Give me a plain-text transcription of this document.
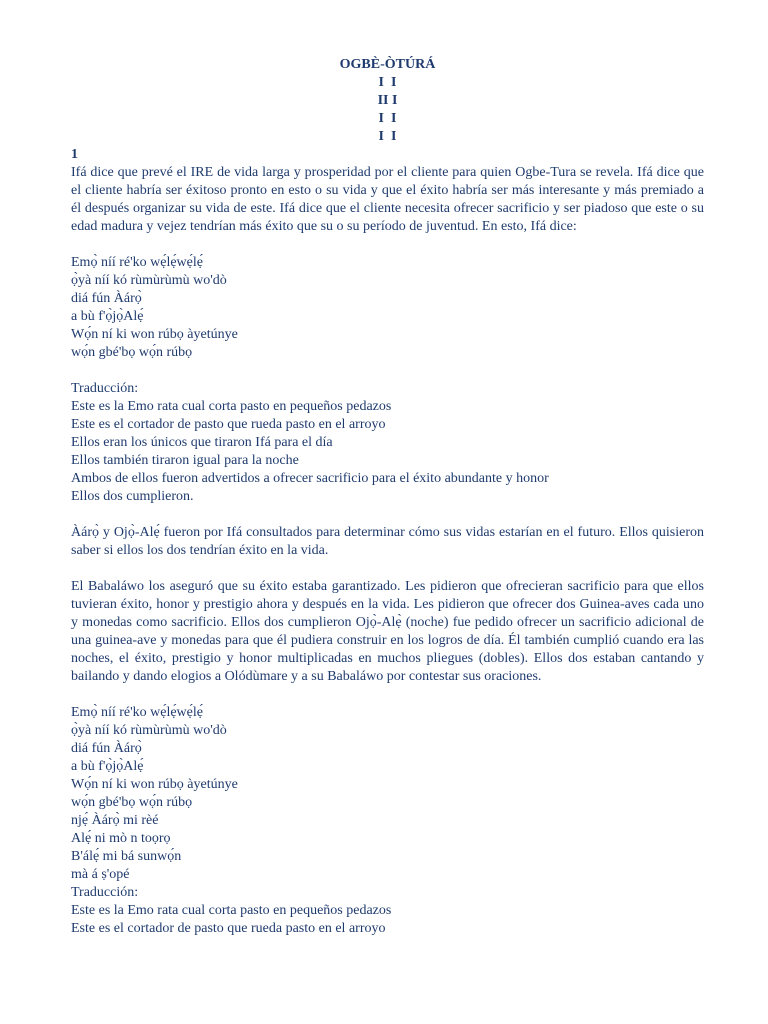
OGBÈ-ÒTÚRÁ
I  I
II I
I  I
I  I
1

Ifá dice que prevé el IRE de vida larga y prosperidad por el cliente para quien Ogbe-Tura se revela. Ifá dice que el cliente habría ser éxitoso pronto en esto o su vida y que el éxito habría ser más interesante y más premiado a él después organizar su vida de este. Ifá dice que el cliente necesita ofrecer sacrificio y ser piadoso que este o su edad madura y vejez tendrían más éxito que su o su período de juventud. En esto, Ifá dice:

Emọ̀ níí ré'ko wẹ́lẹ́wẹ́lẹ́
ọ̀yà níí kó rùmùrùmù wo'dò
diá fún Àárọ̀
a bù f'ọ̀jọ̀Alẹ́
Wọ́n ní ki won rúbọ àyetúnye
wọ́n gbé'bọ wọ́n rúbọ
Traducción:
Este es la Emo rata cual corta pasto en pequeños pedazos
Este es el cortador de pasto que rueda pasto en el arroyo
Ellos eran los únicos que tiraron Ifá para el día
Ellos también tiraron igual para la noche
Ambos de ellos fueron advertidos a ofrecer sacrificio para el éxito abundante y honor
Ellos dos cumplieron.

Àárọ̀ y Ojọ̀-Alẹ́ fueron por Ifá consultados para determinar cómo sus vidas estarían en el futuro. Ellos quisieron saber si ellos los dos tendrían éxito en la vida.

El Babaláwo los aseguró que su éxito estaba garantizado. Les pidieron que ofrecieran sacrificio para que ellos tuvieran éxito, honor y prestigio ahora y después en la vida. Les pidieron que ofrecer dos Guinea-aves cada uno y monedas como sacrificio. Ellos dos cumplieron Ojọ̀-Alẹ̀ (noche) fue pedido ofrecer un sacrificio adicional de una guinea-ave y monedas para que él pudiera construir en los logros de día. Él también cumplió cuando era las noches, el éxito, prestigio y honor multiplicadas en muchos pliegues (dobles). Ellos dos estaban cantando y bailando y dando elogios a Olódùmare y a su Babaláwo por contestar sus oraciones.

Emọ̀ níí ré'ko wẹ́lẹ́wẹ́lẹ́
ọ̀yà níí kó rùmùrùmù wo'dò
diá fún Àárọ̀
a bù f'ọ̀jọ̀Alẹ́
Wọ́n ní ki won rúbọ àyetúnye
wọ́n gbé'bọ wọ́n rúbọ
njẹ́ Àárọ̀ mi rèé
Alẹ́ ni mò n toọrọ
B'álẹ́ mi bá sunwọ́n
mà á ṣ'opé
Traducción:
Este es la Emo rata cual corta pasto en pequeños pedazos
Este es el cortador de pasto que rueda pasto en el arroyo
